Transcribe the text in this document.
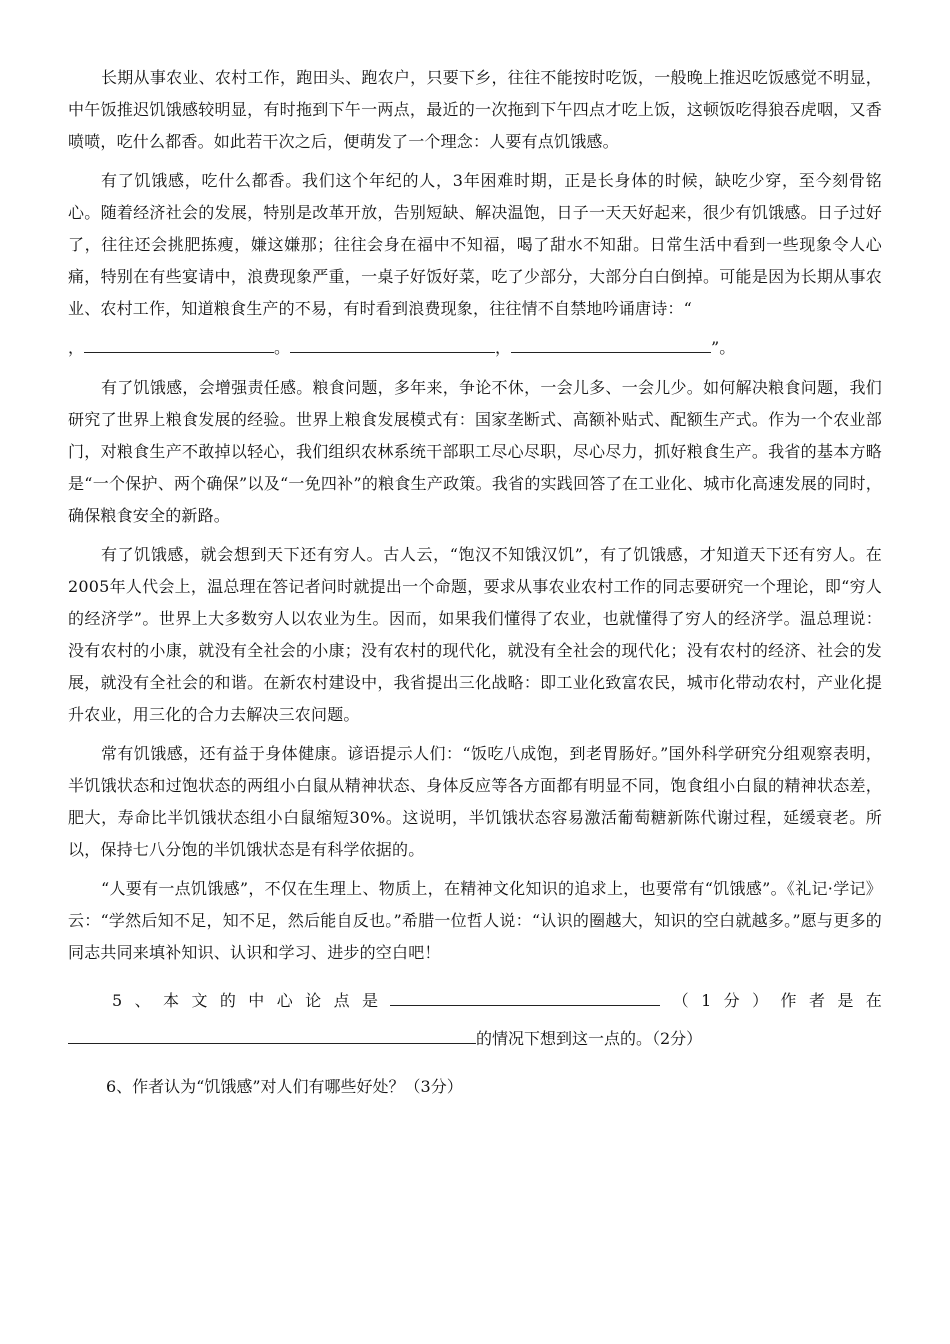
长期从事农业、农村工作，跑田头、跑农户，只要下乡，往往不能按时吃饭，一般晚上推迟吃饭感觉不明显，中午饭推迟饥饿感较明显，有时拖到下午一两点，最近的一次拖到下午四点才吃上饭，这顿饭吃得狼吞虎咽，又香喷喷，吃什么都香。如此若干次之后，便萌发了一个理念：人要有点饥饿感。

有了饥饿感，吃什么都香。我们这个年纪的人，3年困难时期，正是长身体的时候，缺吃少穿，至今刻骨铭心。随着经济社会的发展，特别是改革开放，告别短缺、解决温饱，日子一天天好起来，很少有饥饿感。日子过好了，往往还会挑肥拣瘦，嫌这嫌那；往往会身在福中不知福，喝了甜水不知甜。日常生活中看到一些现象令人心痛，特别在有些宴请中，浪费现象严重，一桌子好饭好菜，吃了少部分，大部分白白倒掉。可能是因为长期从事农业、农村工作，知道粮食生产的不易，有时看到浪费现象，往往情不自禁地吟诵唐诗：“

，	。	，	”。

有了饥饿感，会增强责任感。粮食问题，多年来，争论不休，一会儿多、一会儿少。如何解决粮食问题，我们研究了世界上粮食发展的经验。世界上粮食发展模式有：国家垄断式、高额补贴式、配额生产式。作为一个农业部门，对粮食生产不敢掉以轻心，我们组织农林系统干部职工尽心尽职，尽心尽力，抓好粮食生产。我省的基本方略是“一个保护、两个确保”以及“一免四补”的粮食生产政策。我省的实践回答了在工业化、城市化高速发展的同时，确保粮食安全的新路。

有了饥饿感，就会想到天下还有穷人。古人云，“饱汉不知饿汉饥”，有了饥饿感，才知道天下还有穷人。在2005年人代会上，温总理在答记者问时就提出一个命题，要求从事农业农村工作的同志要研究一个理论，即“穷人的经济学”。世界上大多数穷人以农业为生。因而，如果我们懂得了农业，也就懂得了穷人的经济学。温总理说：没有农村的小康，就没有全社会的小康；没有农村的现代化，就没有全社会的现代化；没有农村的经济、社会的发展，就没有全社会的和谐。在新农村建设中，我省提出三化战略：即工业化致富农民，城市化带动农村，产业化提升农业，用三化的合力去解决三农问题。

常有饥饿感，还有益于身体健康。谚语提示人们：“饭吃八成饱，到老胃肠好。”国外科学研究分组观察表明，半饥饿状态和过饱状态的两组小白鼠从精神状态、身体反应等各方面都有明显不同，饱食组小白鼠的精神状态差，肥大，寿命比半饥饿状态组小白鼠缩短30%。这说明，半饥饿状态容易激活葡萄糖新陈代谢过程，延缓衰老。所以，保持七八分饱的半饥饿状态是有科学依据的。

“人要有一点饥饿感”，不仅在生理上、物质上，在精神文化知识的追求上，也要常有“饥饿感”。《礼记·学记》云：“学然后知不足，知不足，然后能自反也。”希腊一位哲人说：“认识的圈越大，知识的空白就越多。”愿与更多的同志共同来填补知识、认识和学习、进步的空白吧！

5、本文的中心论点是	（1分）作者是在

的情况下想到这一点的。（2分）

6、作者认为“饥饿感”对人们有哪些好处？（3分）
